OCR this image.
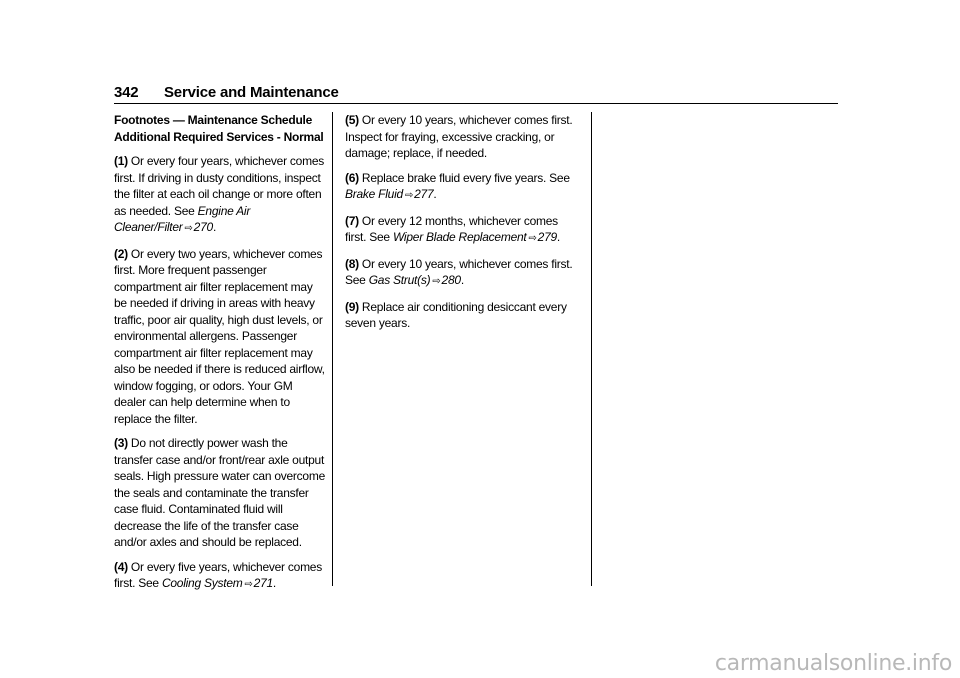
342 Service and Maintenance
Footnotes — Maintenance Schedule
Additional Required Services - Normal

(1) Or every four years, whichever comes first. If driving in dusty conditions, inspect the filter at each oil change or more often as needed. See Engine Air Cleaner/Filter ⇨270.

(2) Or every two years, whichever comes first. More frequent passenger compartment air filter replacement may be needed if driving in areas with heavy traffic, poor air quality, high dust levels, or environmental allergens. Passenger compartment air filter replacement may also be needed if there is reduced airflow, window fogging, or odors. Your GM dealer can help determine when to replace the filter.

(3) Do not directly power wash the transfer case and/or front/rear axle output seals. High pressure water can overcome the seals and contaminate the transfer case fluid. Contaminated fluid will decrease the life of the transfer case and/or axles and should be replaced.

(4) Or every five years, whichever comes first. See Cooling System ⇨271.

(5) Or every 10 years, whichever comes first. Inspect for fraying, excessive cracking, or damage; replace, if needed.

(6) Replace brake fluid every five years. See Brake Fluid ⇨277.

(7) Or every 12 months, whichever comes first. See Wiper Blade Replacement ⇨279.

(8) Or every 10 years, whichever comes first. See Gas Strut(s) ⇨280.

(9) Replace air conditioning desiccant every seven years.

carmanualsonline.info
